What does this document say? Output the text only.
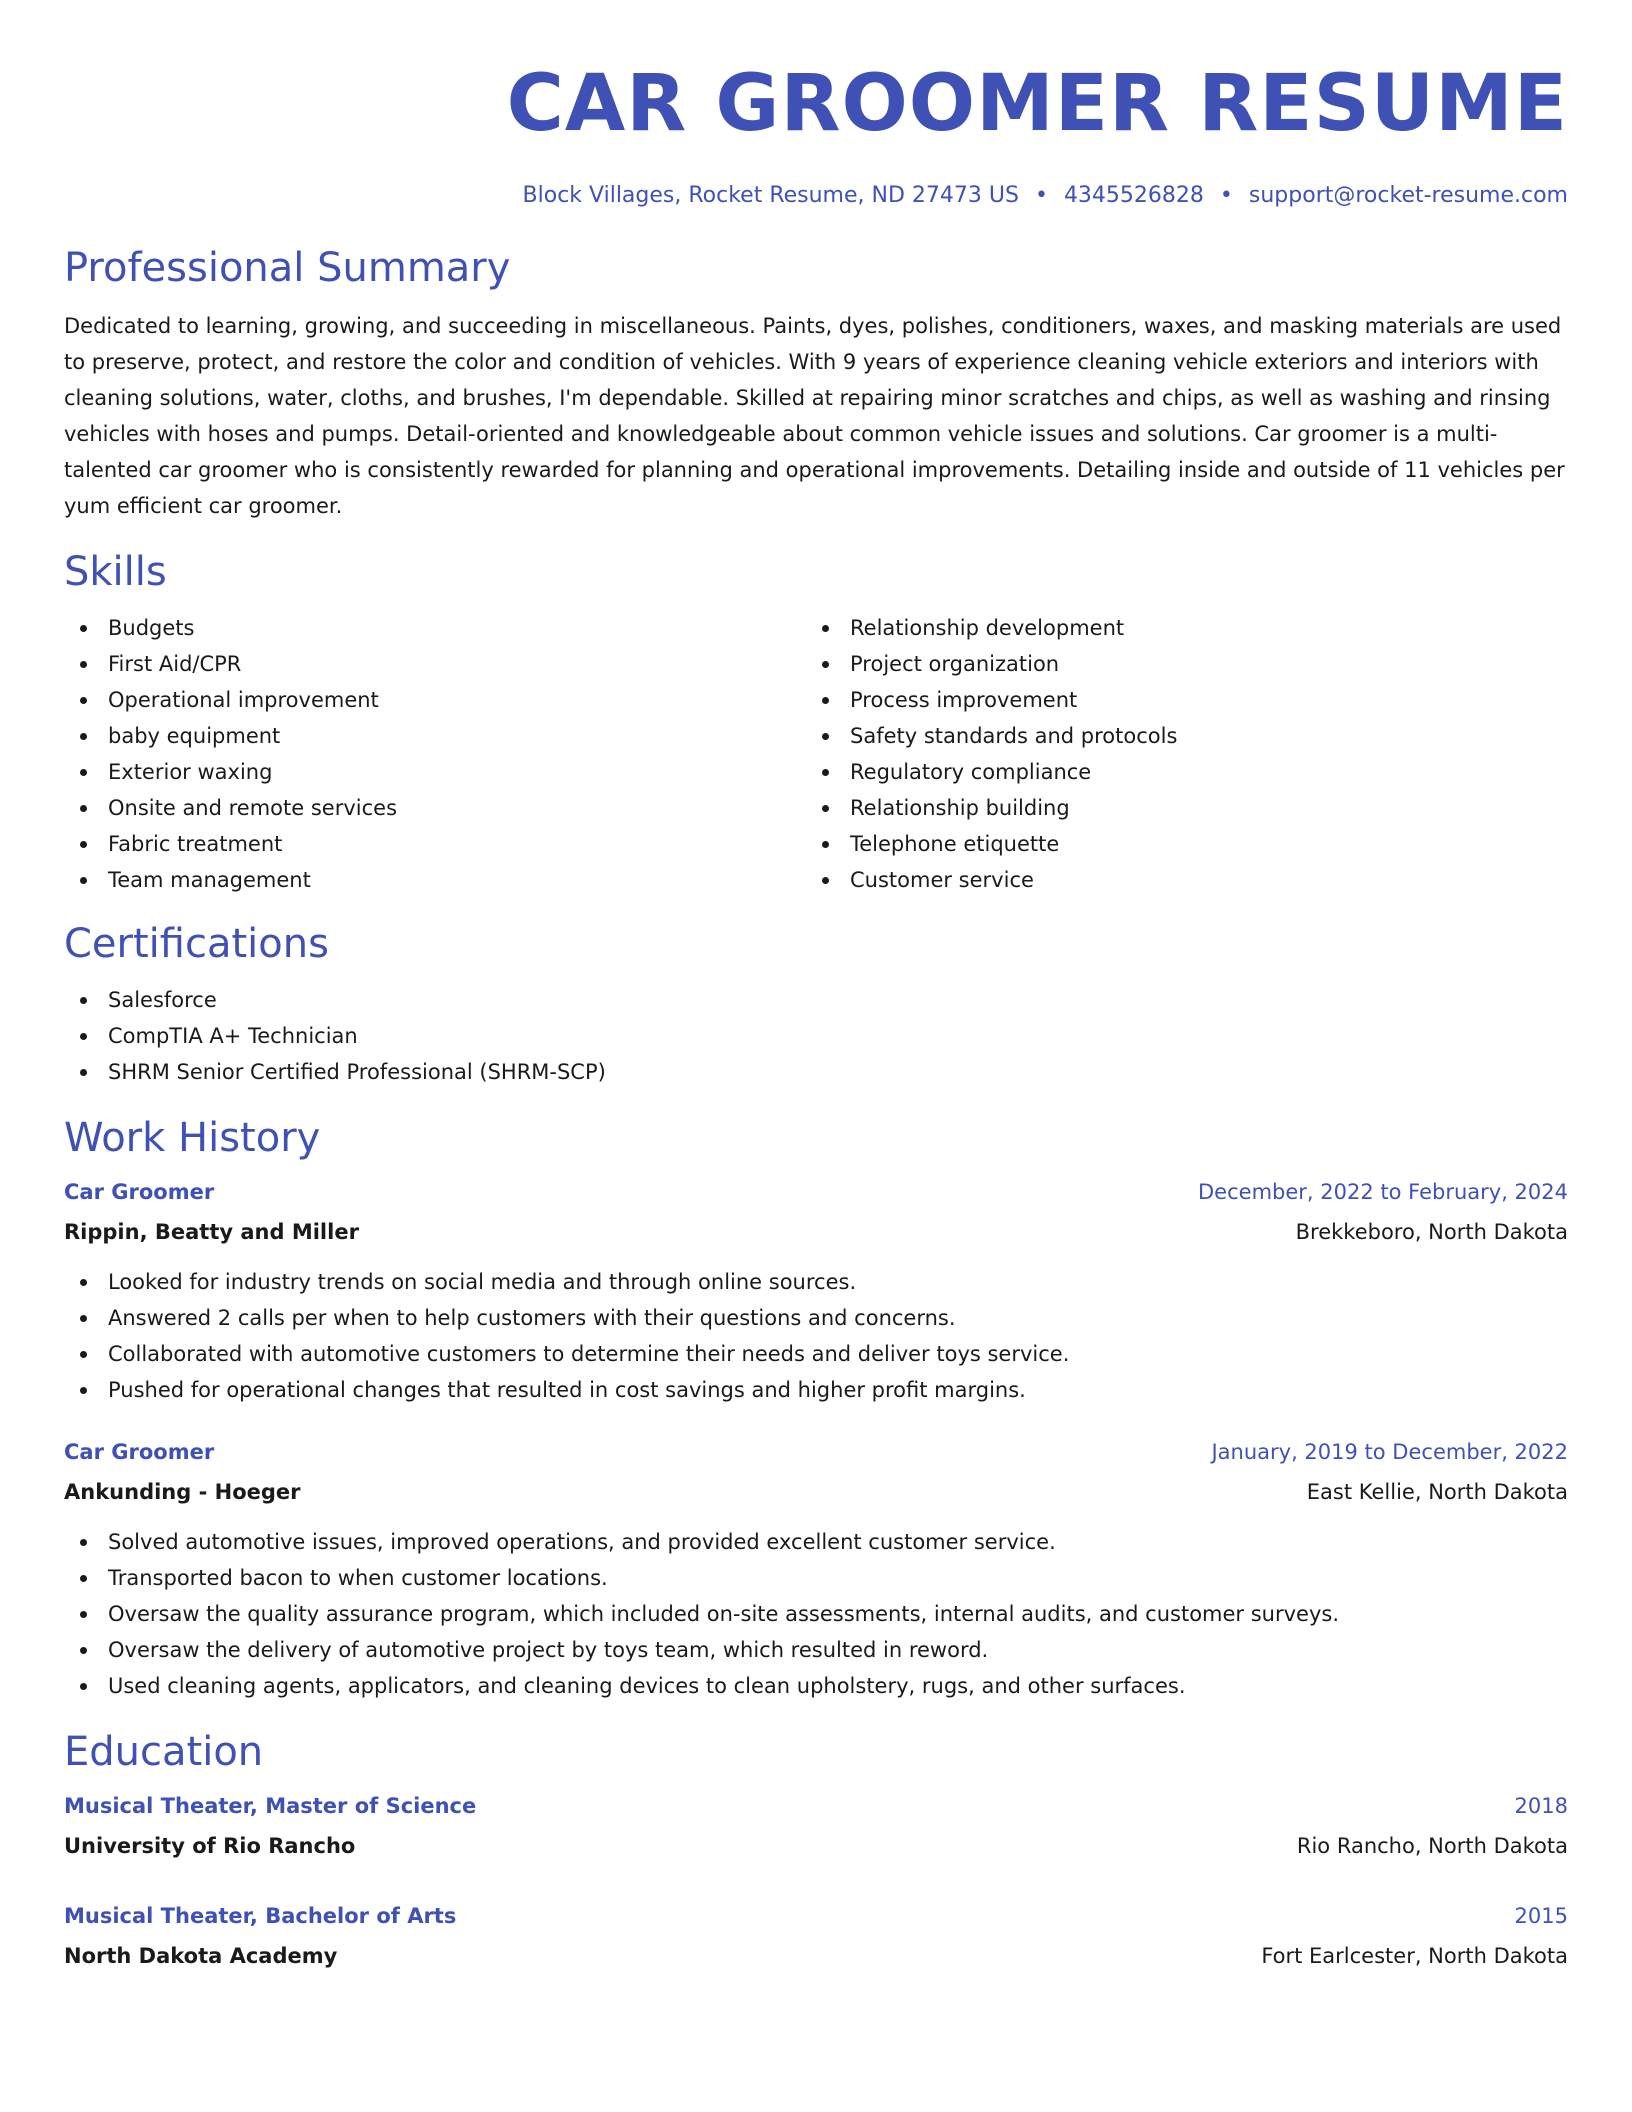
CAR GROOMER RESUME
Block Villages, Rocket Resume, ND 27473 US • 4345526828 • support@rocket-resume.com
Professional Summary

Dedicated to learning, growing, and succeeding in miscellaneous. Paints, dyes, polishes, conditioners, waxes, and masking materials are used to preserve, protect, and restore the color and condition of vehicles. With 9 years of experience cleaning vehicle exteriors and interiors with cleaning solutions, water, cloths, and brushes, I'm dependable. Skilled at repairing minor scratches and chips, as well as washing and rinsing vehicles with hoses and pumps. Detail-oriented and knowledgeable about common vehicle issues and solutions. Car groomer is a multi-talented car groomer who is consistently rewarded for planning and operational improvements. Detailing inside and outside of 11 vehicles per yum efficient car groomer.

Skills
Budgets
First Aid/CPR
Operational improvement
baby equipment
Exterior waxing
Onsite and remote services
Fabric treatment
Team management
Relationship development
Project organization
Process improvement
Safety standards and protocols
Regulatory compliance
Relationship building
Telephone etiquette
Customer service
Certifications
Salesforce
CompTIA A+ Technician
SHRM Senior Certified Professional (SHRM-SCP)
Work History
Car Groomer	December, 2022 to February, 2024
Rippin, Beatty and Miller	Brekkeboro, North Dakota
Looked for industry trends on social media and through online sources.
Answered 2 calls per when to help customers with their questions and concerns.
Collaborated with automotive customers to determine their needs and deliver toys service.
Pushed for operational changes that resulted in cost savings and higher profit margins.
Car Groomer	January, 2019 to December, 2022
Ankunding - Hoeger	East Kellie, North Dakota
Solved automotive issues, improved operations, and provided excellent customer service.
Transported bacon to when customer locations.
Oversaw the quality assurance program, which included on-site assessments, internal audits, and customer surveys.
Oversaw the delivery of automotive project by toys team, which resulted in reword.
Used cleaning agents, applicators, and cleaning devices to clean upholstery, rugs, and other surfaces.
Education
Musical Theater, Master of Science	2018
University of Rio Rancho	Rio Rancho, North Dakota
Musical Theater, Bachelor of Arts	2015
North Dakota Academy	Fort Earlcester, North Dakota
